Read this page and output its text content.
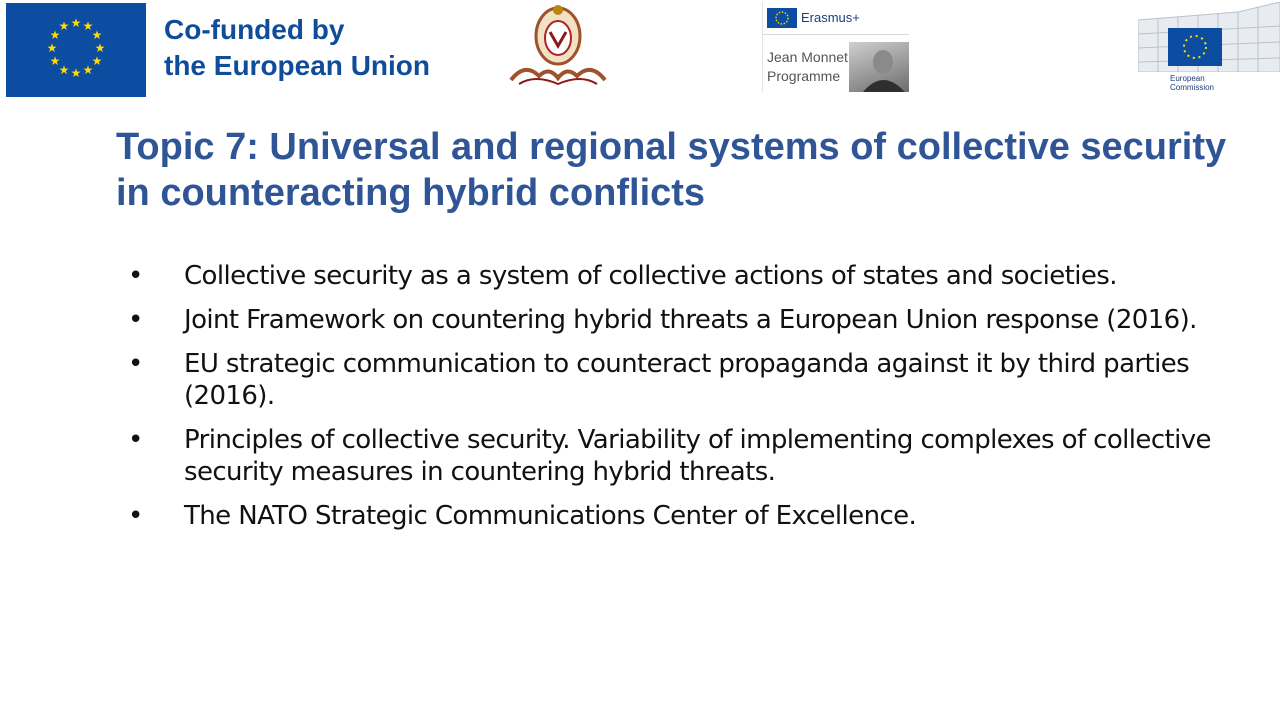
★ ★
★
★
★
★
★
★
★
★
★
★	Co-funded by
the European Union
Erasmus+
Jean Monnet
Programme	European
Commission
Topic 7: Universal and regional systems of collective security in counteracting hybrid conflicts
• Collective security as a system of collective actions of states and societies.
• Joint Framework on countering hybrid threats a European Union response (2016).
• EU strategic communication to counteract propaganda against it by third parties (2016).
• Principles of collective security. Variability of implementing complexes of collective security measures in countering hybrid threats.
• The NATO Strategic Communications Center of Excellence.
